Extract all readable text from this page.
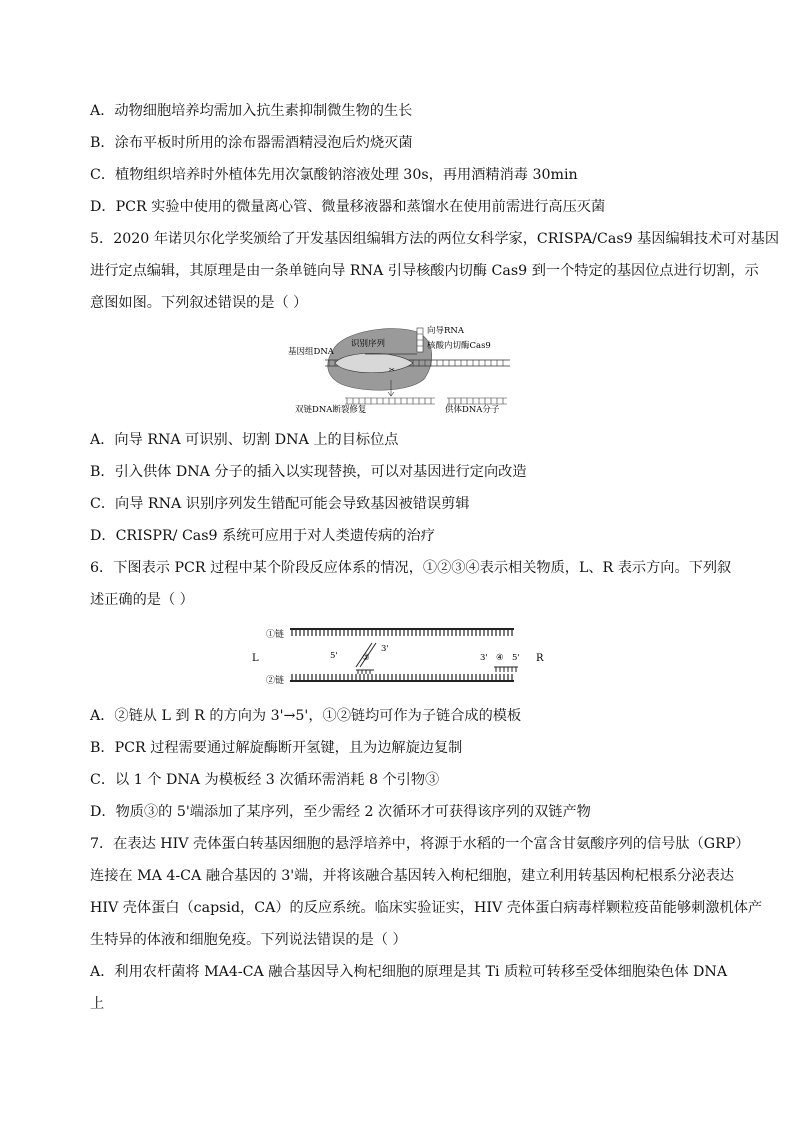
A．动物细胞培养均需加入抗生素抑制微生物的生长
B．涂布平板时所用的涂布器需酒精浸泡后灼烧灭菌
C．植物组织培养时外植体先用次氯酸钠溶液处理 30s，再用酒精消毒 30min
D．PCR 实验中使用的微量离心管、微量移液器和蒸馏水在使用前需进行高压灭菌
5．2020 年诺贝尔化学奖颁给了开发基因组编辑方法的两位女科学家，CRISPA/Cas9 基因编辑技术可对基因
进行定点编辑，其原理是由一条单链向导 RNA 引导核酸内切酶 Cas9 到一个特定的基因位点进行切割，示
意图如图。下列叙述错误的是（ ）
✂
向导RNA
核酸内切酶Cas9
基因组DNA
识别序列
双链DNA断裂修复	供体DNA分子
A．向导 RNA 可识别、切割 DNA 上的目标位点
B．引入供体 DNA 分子的插入以实现替换，可以对基因进行定向改造
C．向导 RNA 识别序列发生错配可能会导致基因被错误剪辑
D．CRISPR/ Cas9 系统可应用于对人类遗传病的治疗
6．下图表示 PCR 过程中某个阶段反应体系的情况，①②③④表示相关物质，L、R 表示方向。下列叙
述正确的是（ ）
①链
②链
L	R
5'
3'
③	3' ④ 5'
A．②链从 L 到 R 的方向为 3'→5'，①②链均可作为子链合成的模板
B．PCR 过程需要通过解旋酶断开氢键，且为边解旋边复制
C．以 1 个 DNA 为模板经 3 次循环需消耗 8 个引物③
D．物质③的 5'端添加了某序列，至少需经 2 次循环才可获得该序列的双链产物
7．在表达 HIV 壳体蛋白转基因细胞的悬浮培养中，将源于水稻的一个富含甘氨酸序列的信号肽（GRP）
连接在 MA 4-CA 融合基因的 3'端，并将该融合基因转入枸杞细胞，建立利用转基因枸杞根系分泌表达
HIV 壳体蛋白（capsid，CA）的反应系统。临床实验证实，HIV 壳体蛋白病毒样颗粒疫苗能够刺激机体产
生特异的体液和细胞免疫。下列说法错误的是（ ）
A．利用农杆菌将 MA4-CA 融合基因导入枸杞细胞的原理是其 Ti 质粒可转移至受体细胞染色体 DNA
上
